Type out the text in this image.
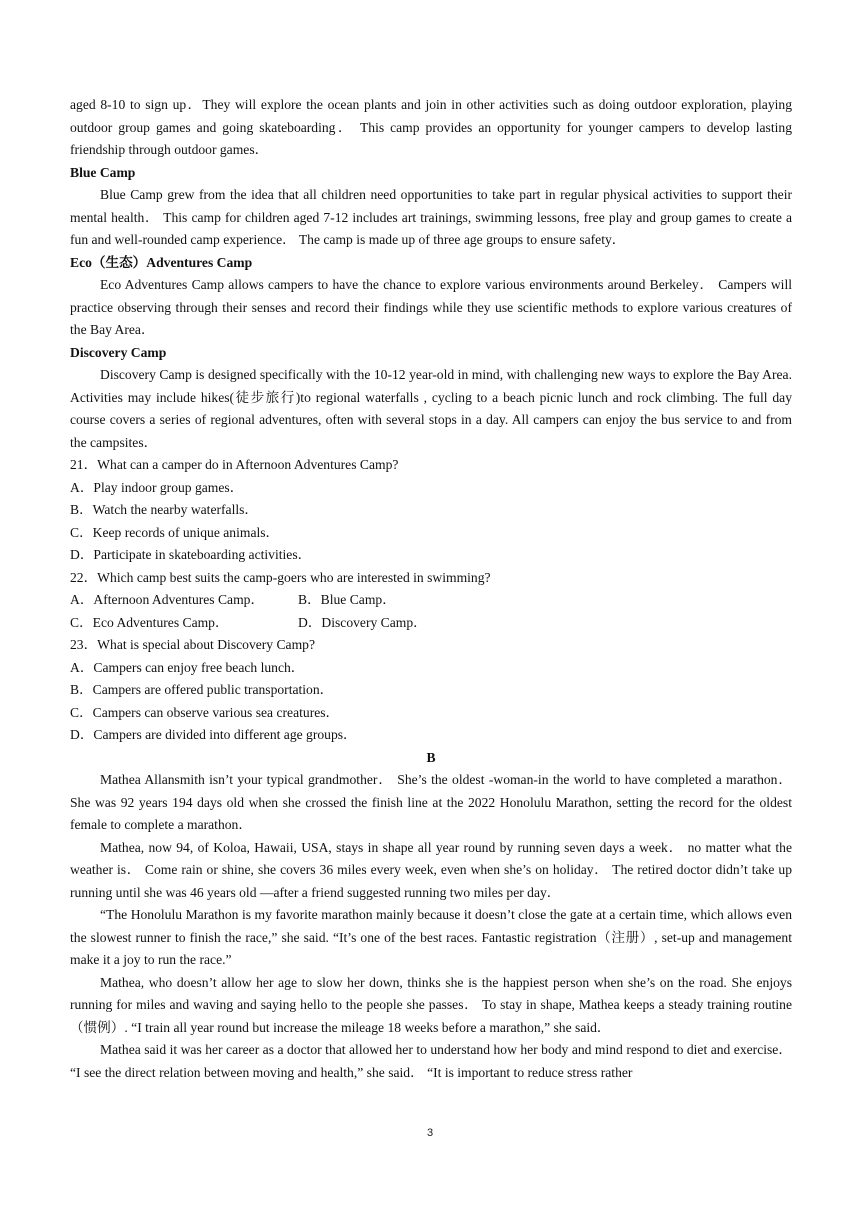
aged 8-10 to sign up．They will explore the ocean plants and join in other activities such as doing outdoor exploration, playing outdoor group games and going skateboarding． This camp provides an opportunity for younger campers to develop lasting friendship through outdoor games．

Blue Camp

Blue Camp grew from the idea that all children need opportunities to take part in regular physical activities to support their mental health． This camp for children aged 7-12 includes art trainings, swimming lessons, free play and group games to create a fun and well-rounded camp experience． The camp is made up of three age groups to ensure safety．

Eco（生态）Adventures Camp

Eco Adventures Camp allows campers to have the chance to explore various environments around Berkeley． Campers will practice observing through their senses and record their findings while they use scientific methods to explore various creatures of the Bay Area．

Discovery Camp

Discovery Camp is designed specifically with the 10-12 year-old in mind, with challenging new ways to explore the Bay Area. Activities may include hikes(徒步旅行)to regional waterfalls , cycling to a beach picnic lunch and rock climbing. The full day course covers a series of regional adventures, often with several stops in a day. All campers can enjoy the bus service to and from the campsites．

21．What can a camper do in Afternoon Adventures Camp?

A．Play indoor group games．

B．Watch the nearby waterfalls．

C．Keep records of unique animals．

D．Participate in skateboarding activities．

22．Which camp best suits the camp-goers who are interested in swimming?

A．Afternoon Adventures Camp．	B．Blue Camp．
C．Eco Adventures Camp．	D．Discovery Camp．

23．What is special about Discovery Camp?

A．Campers can enjoy free beach lunch．

B．Campers are offered public transportation．

C．Campers can observe various sea creatures．

D．Campers are divided into different age groups．

B

Mathea Allansmith isn’t your typical grandmother． She’s the oldest -woman-in the world to have completed a marathon． She was 92 years 194 days old when she crossed the finish line at the 2022 Honolulu Marathon, setting the record for the oldest female to complete a marathon．

Mathea, now 94, of Koloa, Hawaii, USA, stays in shape all year round by running seven days a week． no matter what the weather is． Come rain or shine, she covers 36 miles every week, even when she’s on holiday． The retired doctor didn’t take up running until she was 46 years old —after a friend suggested running two miles per day．

“The Honolulu Marathon is my favorite marathon mainly because it doesn’t close the gate at a certain time, which allows even the slowest runner to finish the race,” she said. “It’s one of the best races. Fantastic registration（注册）, set-up and management make it a joy to run the race.”

Mathea, who doesn’t allow her age to slow her down, thinks she is the happiest person when she’s on the road. She enjoys running for miles and waving and saying hello to the people she passes． To stay in shape, Mathea keeps a steady training routine（惯例）. “I train all year round but increase the mileage 18 weeks before a marathon,” she said．

Mathea said it was her career as a doctor that allowed her to understand how her body and mind respond to diet and exercise． “I see the direct relation between moving and health,” she said． “It is important to reduce stress rather

3
